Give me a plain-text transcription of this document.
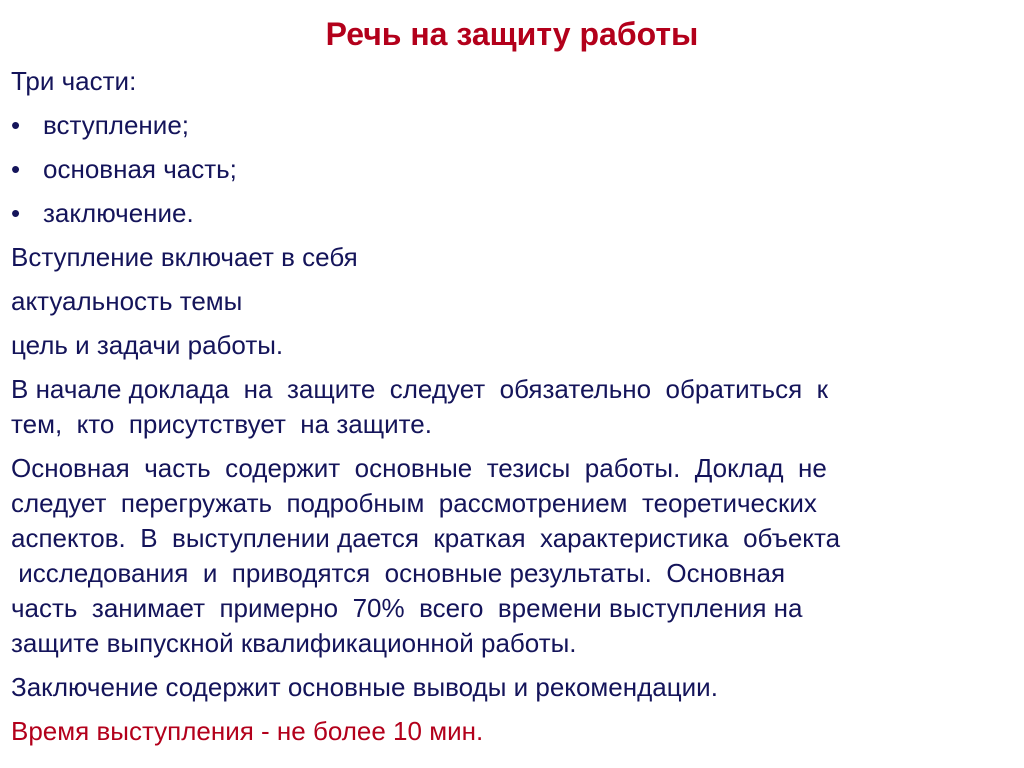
Речь на защиту работы
Три части:
• вступление;
• основная часть;
• заключение.
Вступление включает в себя
актуальность темы
цель и задачи работы.
В начале доклада  на  защите  следует  обязательно  обратиться  к
тем,  кто  присутствует  на защите.
Основная  часть  содержит  основные  тезисы  работы.  Доклад  не
следует  перегружать  подробным  рассмотрением  теоретических
аспектов.  В  выступлении дается  краткая  характеристика  объекта
исследования  и  приводятся  основные результаты.  Основная
часть  занимает  примерно  70%  всего  времени выступления на
защите выпускной квалификационной работы.
Заключение содержит основные выводы и рекомендации.
Время выступления - не более 10 мин.
